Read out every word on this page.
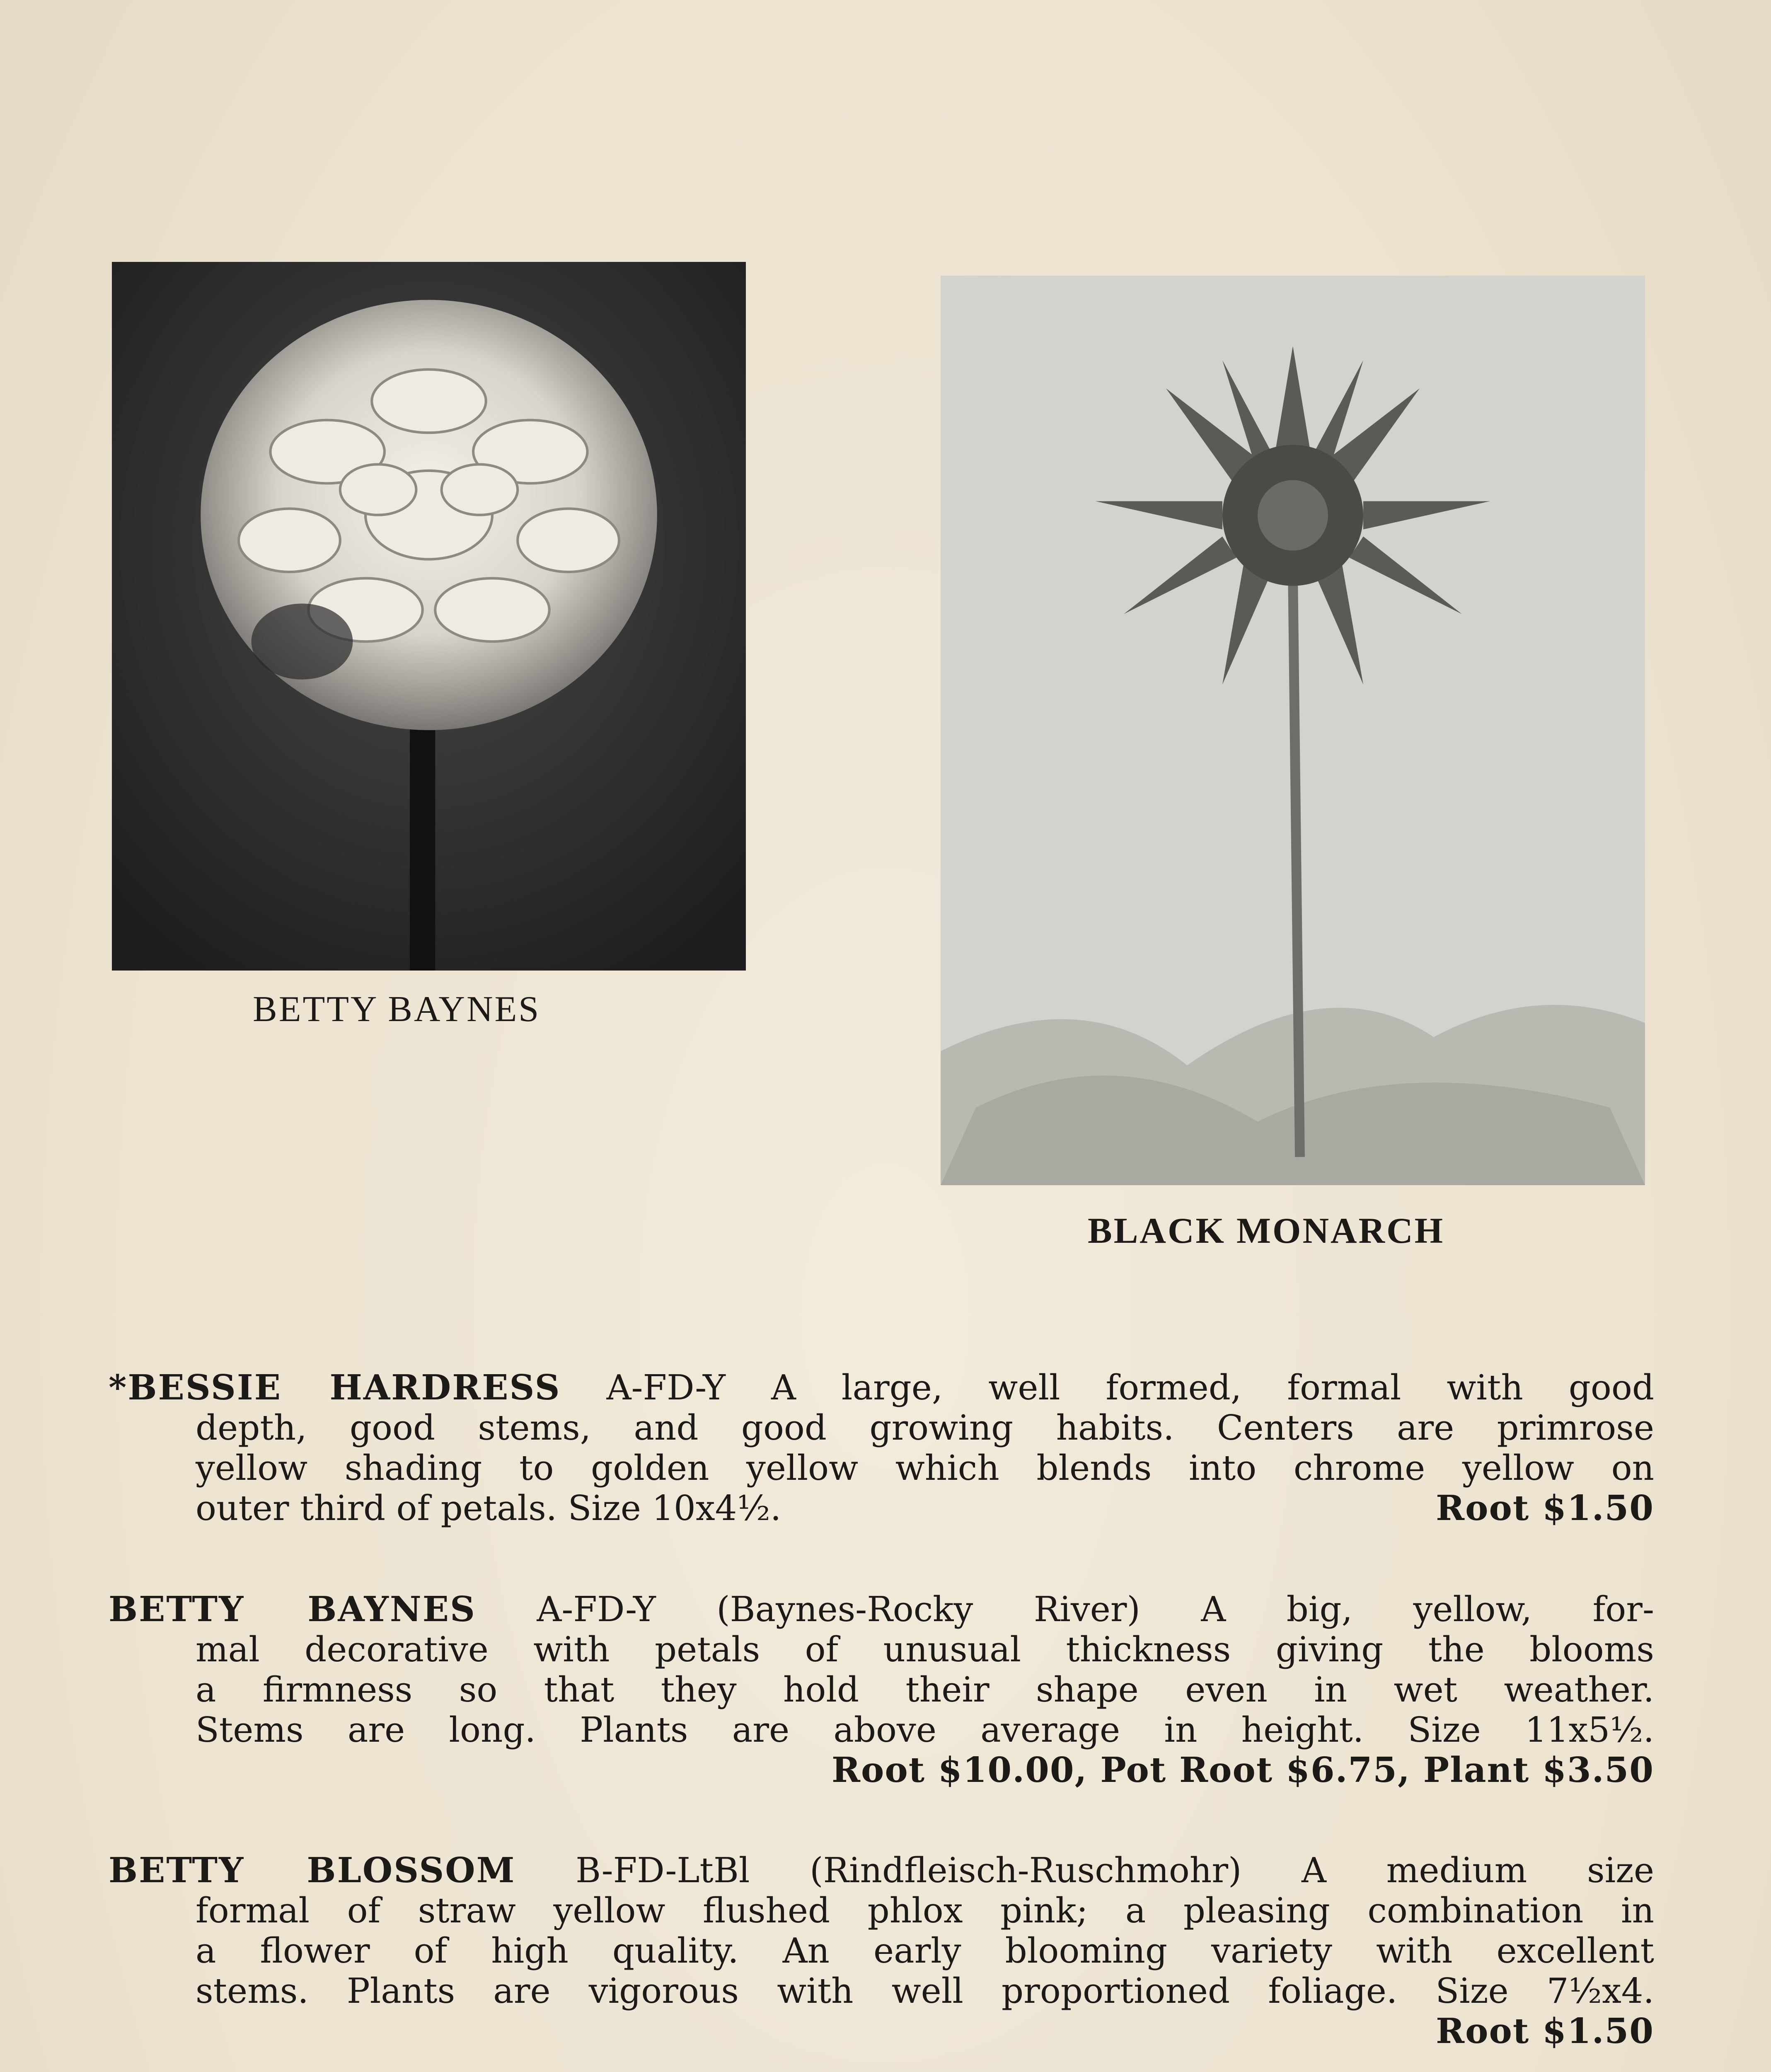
BETTY BAYNES
BLACK MONARCH
*BESSIE HARDRESS A-FD-Y A large, well formed, formal with good
depth, good stems, and good growing habits. Centers are primrose
yellow shading to golden yellow which blends into chrome yellow on
outer third of petals. Size 10x4½.	Root $1.50
BETTY BAYNES A-FD-Y (Baynes-Rocky River) A big, yellow, for-
mal decorative with petals of unusual thickness giving the blooms
a firmness so that they hold their shape even in wet weather.
Stems are long. Plants are above average in height. Size 11x5½.
Root $10.00, Pot Root $6.75, Plant $3.50
BETTY BLOSSOM B-FD-LtBl (Rindfleisch-Ruschmohr) A medium size
formal of straw yellow flushed phlox pink; a pleasing combination in
a flower of high quality. An early blooming variety with excellent
stems. Plants are vigorous with well proportioned foliage. Size 7½x4.
Root $1.50
